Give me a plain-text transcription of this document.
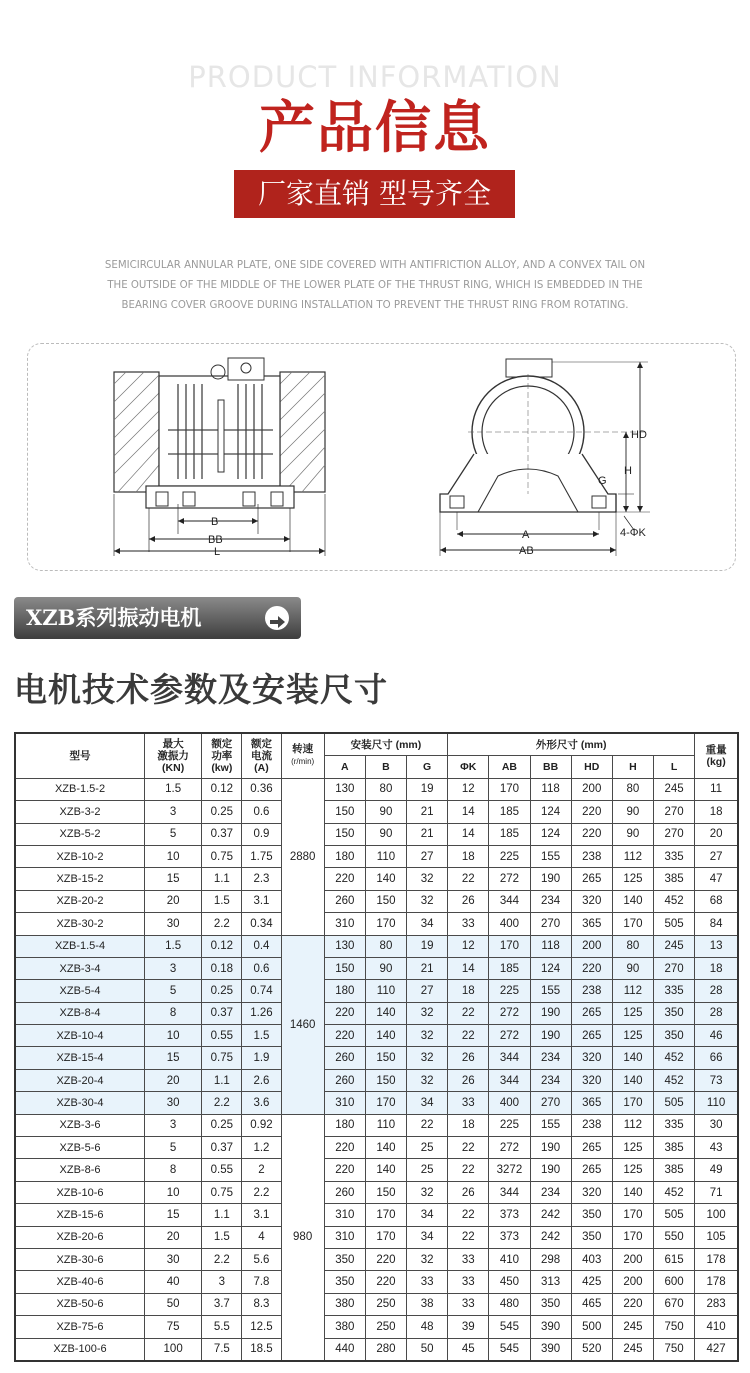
PRODUCT INFORMATION
产品信息
厂家直销 型号齐全
SEMICIRCULAR ANNULAR PLATE, ONE SIDE COVERED WITH ANTIFRICTION ALLOY, AND A CONVEX TAIL ON
THE OUTSIDE OF THE MIDDLE OF THE LOWER PLATE OF THE THRUST RING, WHICH IS EMBEDDED IN THE
BEARING COVER GROOVE DURING INSTALLATION TO PREVENT THE THRUST RING FROM ROTATING.
B
BB
L
HD
H
G
4-ΦK
A
AB
XZB系列振动电机
电机技术参数及安装尺寸
型号	最大
激振力
(KN)	额定
功率
(kw)	额定
电流
(A)	转速
(r/min)	安装尺寸 (mm)			外形尺寸 (mm)						重量
(kg)
					A	B	G	ΦK	AB	BB	HD	H	L	
XZB-1.5-2	1.5	0.12	0.36	2880	130	80	19	12	170	118	200	80	245	11
XZB-3-2	3	0.25	0.6		150	90	21	14	185	124	220	90	270	18
XZB-5-2	5	0.37	0.9		150	90	21	14	185	124	220	90	270	20
XZB-10-2	10	0.75	1.75		180	110	27	18	225	155	238	112	335	27
XZB-15-2	15	1.1	2.3		220	140	32	22	272	190	265	125	385	47
XZB-20-2	20	1.5	3.1		260	150	32	26	344	234	320	140	452	68
XZB-30-2	30	2.2	0.34		310	170	34	33	400	270	365	170	505	84
XZB-1.5-4	1.5	0.12	0.4	1460	130	80	19	12	170	118	200	80	245	13
XZB-3-4	3	0.18	0.6		150	90	21	14	185	124	220	90	270	18
XZB-5-4	5	0.25	0.74		180	110	27	18	225	155	238	112	335	28
XZB-8-4	8	0.37	1.26		220	140	32	22	272	190	265	125	350	28
XZB-10-4	10	0.55	1.5		220	140	32	22	272	190	265	125	350	46
XZB-15-4	15	0.75	1.9		260	150	32	26	344	234	320	140	452	66
XZB-20-4	20	1.1	2.6		260	150	32	26	344	234	320	140	452	73
XZB-30-4	30	2.2	3.6		310	170	34	33	400	270	365	170	505	110
XZB-3-6	3	0.25	0.92	980	180	110	22	18	225	155	238	112	335	30
XZB-5-6	5	0.37	1.2		220	140	25	22	272	190	265	125	385	43
XZB-8-6	8	0.55	2		220	140	25	22	3272	190	265	125	385	49
XZB-10-6	10	0.75	2.2		260	150	32	26	344	234	320	140	452	71
XZB-15-6	15	1.1	3.1		310	170	34	22	373	242	350	170	505	100
XZB-20-6	20	1.5	4		310	170	34	22	373	242	350	170	550	105
XZB-30-6	30	2.2	5.6		350	220	32	33	410	298	403	200	615	178
XZB-40-6	40	3	7.8		350	220	33	33	450	313	425	200	600	178
XZB-50-6	50	3.7	8.3		380	250	38	33	480	350	465	220	670	283
XZB-75-6	75	5.5	12.5		380	250	48	39	545	390	500	245	750	410
XZB-100-6	100	7.5	18.5		440	280	50	45	545	390	520	245	750	427
